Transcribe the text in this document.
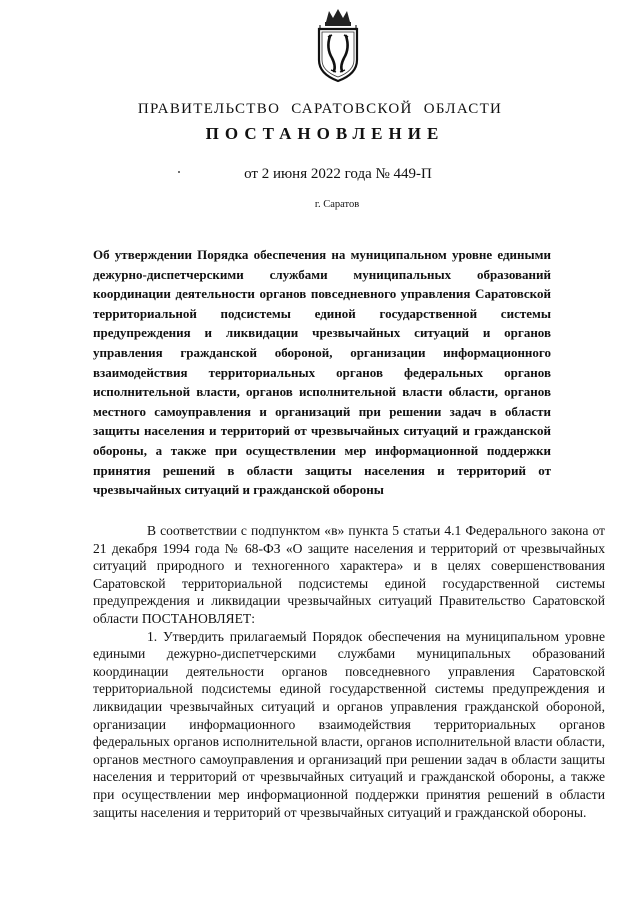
ПРАВИТЕЛЬСТВО САРАТОВСКОЙ ОБЛАСТИ
ПОСТАНОВЛЕНИЕ
от 2 июня 2022 года № 449-П
г. Саратов
Об утверждении Порядка обеспечения на муниципальном уровне едиными дежурно-диспетчерскими службами муниципальных образований координации деятельности органов повседневного управления Саратовской территориальной подсистемы единой государственной системы предупреждения и ликвидации чрезвычайных ситуаций и органов управления гражданской обороной, организации информационного взаимодействия территориальных органов федеральных органов исполнительной власти, органов исполнительной власти области, органов местного самоуправления и организаций при решении задач в области защиты населения и территорий от чрезвычайных ситуаций и гражданской обороны, а также при осуществлении мер информационной поддержки принятия решений в области защиты населения и территорий от чрезвычайных ситуаций и гражданской обороны

В соответствии с подпунктом «в» пункта 5 статьи 4.1 Федерального закона от 21 декабря 1994 года № 68-ФЗ «О защите населения и территорий от чрезвычайных ситуаций природного и техногенного характера» и в целях совершенствования Саратовской территориальной подсистемы единой государственной системы предупреждения и ликвидации чрезвычайных ситуаций Правительство Саратовской области ПОСТАНОВЛЯЕТ:

1. Утвердить прилагаемый Порядок обеспечения на муниципальном уровне едиными дежурно-диспетчерскими службами муниципальных образований координации деятельности органов повседневного управления Саратовской территориальной подсистемы единой государственной системы предупреждения и ликвидации чрезвычайных ситуаций и органов управления гражданской обороной, организации информационного взаимодействия территориальных органов федеральных органов исполнительной власти, органов исполнительной власти области, органов местного самоуправления и организаций при решении задач в области защиты населения и территорий от чрезвычайных ситуаций и гражданской обороны, а также при осуществлении мер информационной поддержки принятия решений в области защиты населения и территорий от чрезвычайных ситуаций и гражданской обороны.
